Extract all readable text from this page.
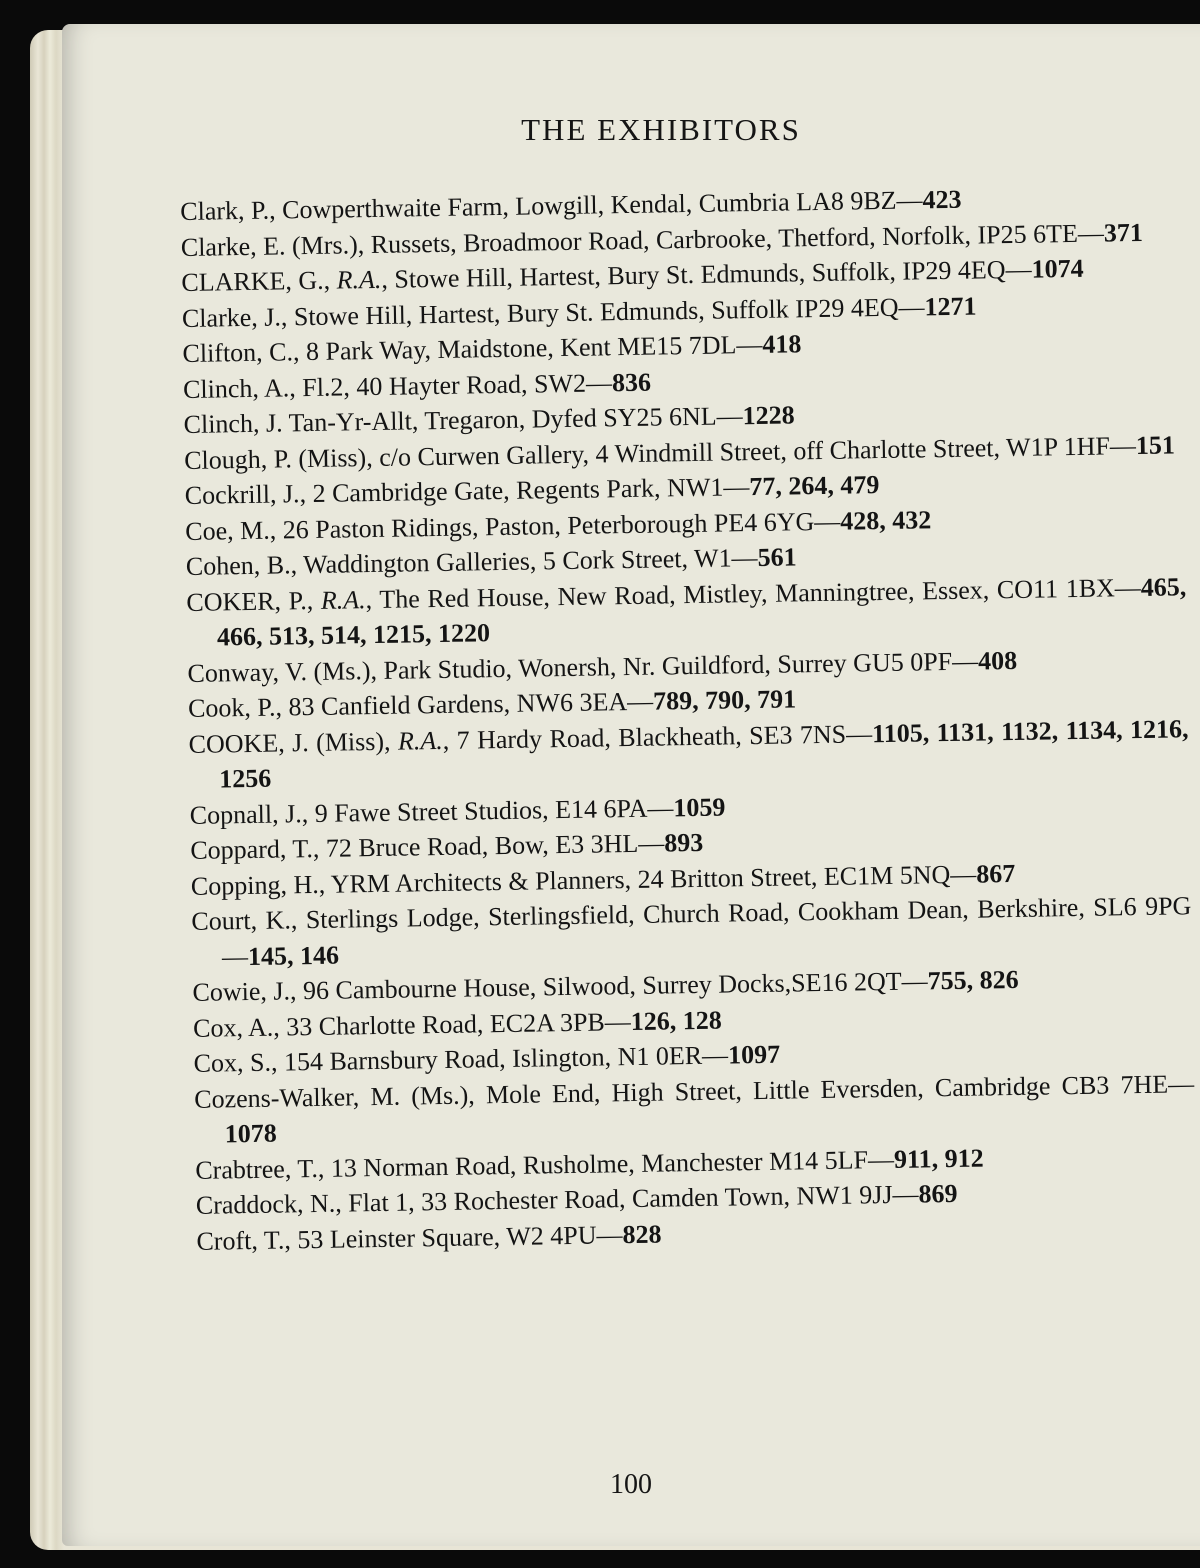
THE EXHIBITORS

Clark, P., Cowperthwaite Farm, Lowgill, Kendal, Cumbria LA8 9BZ—423

Clarke, E. (Mrs.), Russets, Broadmoor Road, Carbrooke, Thetford, Norfolk, IP25 6TE—371

CLARKE, G., R.A., Stowe Hill, Hartest, Bury St. Edmunds, Suffolk, IP29 4EQ—1074

Clarke, J., Stowe Hill, Hartest, Bury St. Edmunds, Suffolk IP29 4EQ—1271

Clifton, C., 8 Park Way, Maidstone, Kent ME15 7DL—418

Clinch, A., Fl.2, 40 Hayter Road, SW2—836

Clinch, J. Tan-Yr-Allt, Tregaron, Dyfed SY25 6NL—1228

Clough, P. (Miss), c/o Curwen Gallery, 4 Windmill Street, off Charlotte Street, W1P 1HF—151

Cockrill, J., 2 Cambridge Gate, Regents Park, NW1—77, 264, 479

Coe, M., 26 Paston Ridings, Paston, Peterborough PE4 6YG—428, 432

Cohen, B., Waddington Galleries, 5 Cork Street, W1—561

COKER, P., R.A., The Red House, New Road, Mistley, Manningtree, Essex, CO11 1BX—465, 466, 513, 514, 1215, 1220

Conway, V. (Ms.), Park Studio, Wonersh, Nr. Guildford, Surrey GU5 0PF—408

Cook, P., 83 Canfield Gardens, NW6 3EA—789, 790, 791

COOKE, J. (Miss), R.A., 7 Hardy Road, Blackheath, SE3 7NS—1105, 1131, 1132, 1134, 1216, 1256

Copnall, J., 9 Fawe Street Studios, E14 6PA—1059

Coppard, T., 72 Bruce Road, Bow, E3 3HL—893

Copping, H., YRM Architects & Planners, 24 Britton Street, EC1M 5NQ—867

Court, K., Sterlings Lodge, Sterlingsfield, Church Road, Cookham Dean, Berkshire, SL6 9PG—145, 146

Cowie, J., 96 Cambourne House, Silwood, Surrey Docks,SE16 2QT—755, 826

Cox, A., 33 Charlotte Road, EC2A 3PB—126, 128

Cox, S., 154 Barnsbury Road, Islington, N1 0ER—1097

Cozens-Walker, M. (Ms.), Mole End, High Street, Little Eversden, Cambridge CB3 7HE—1078

Crabtree, T., 13 Norman Road, Rusholme, Manchester M14 5LF—911, 912

Craddock, N., Flat 1, 33 Rochester Road, Camden Town, NW1 9JJ—869

Croft, T., 53 Leinster Square, W2 4PU—828

100
